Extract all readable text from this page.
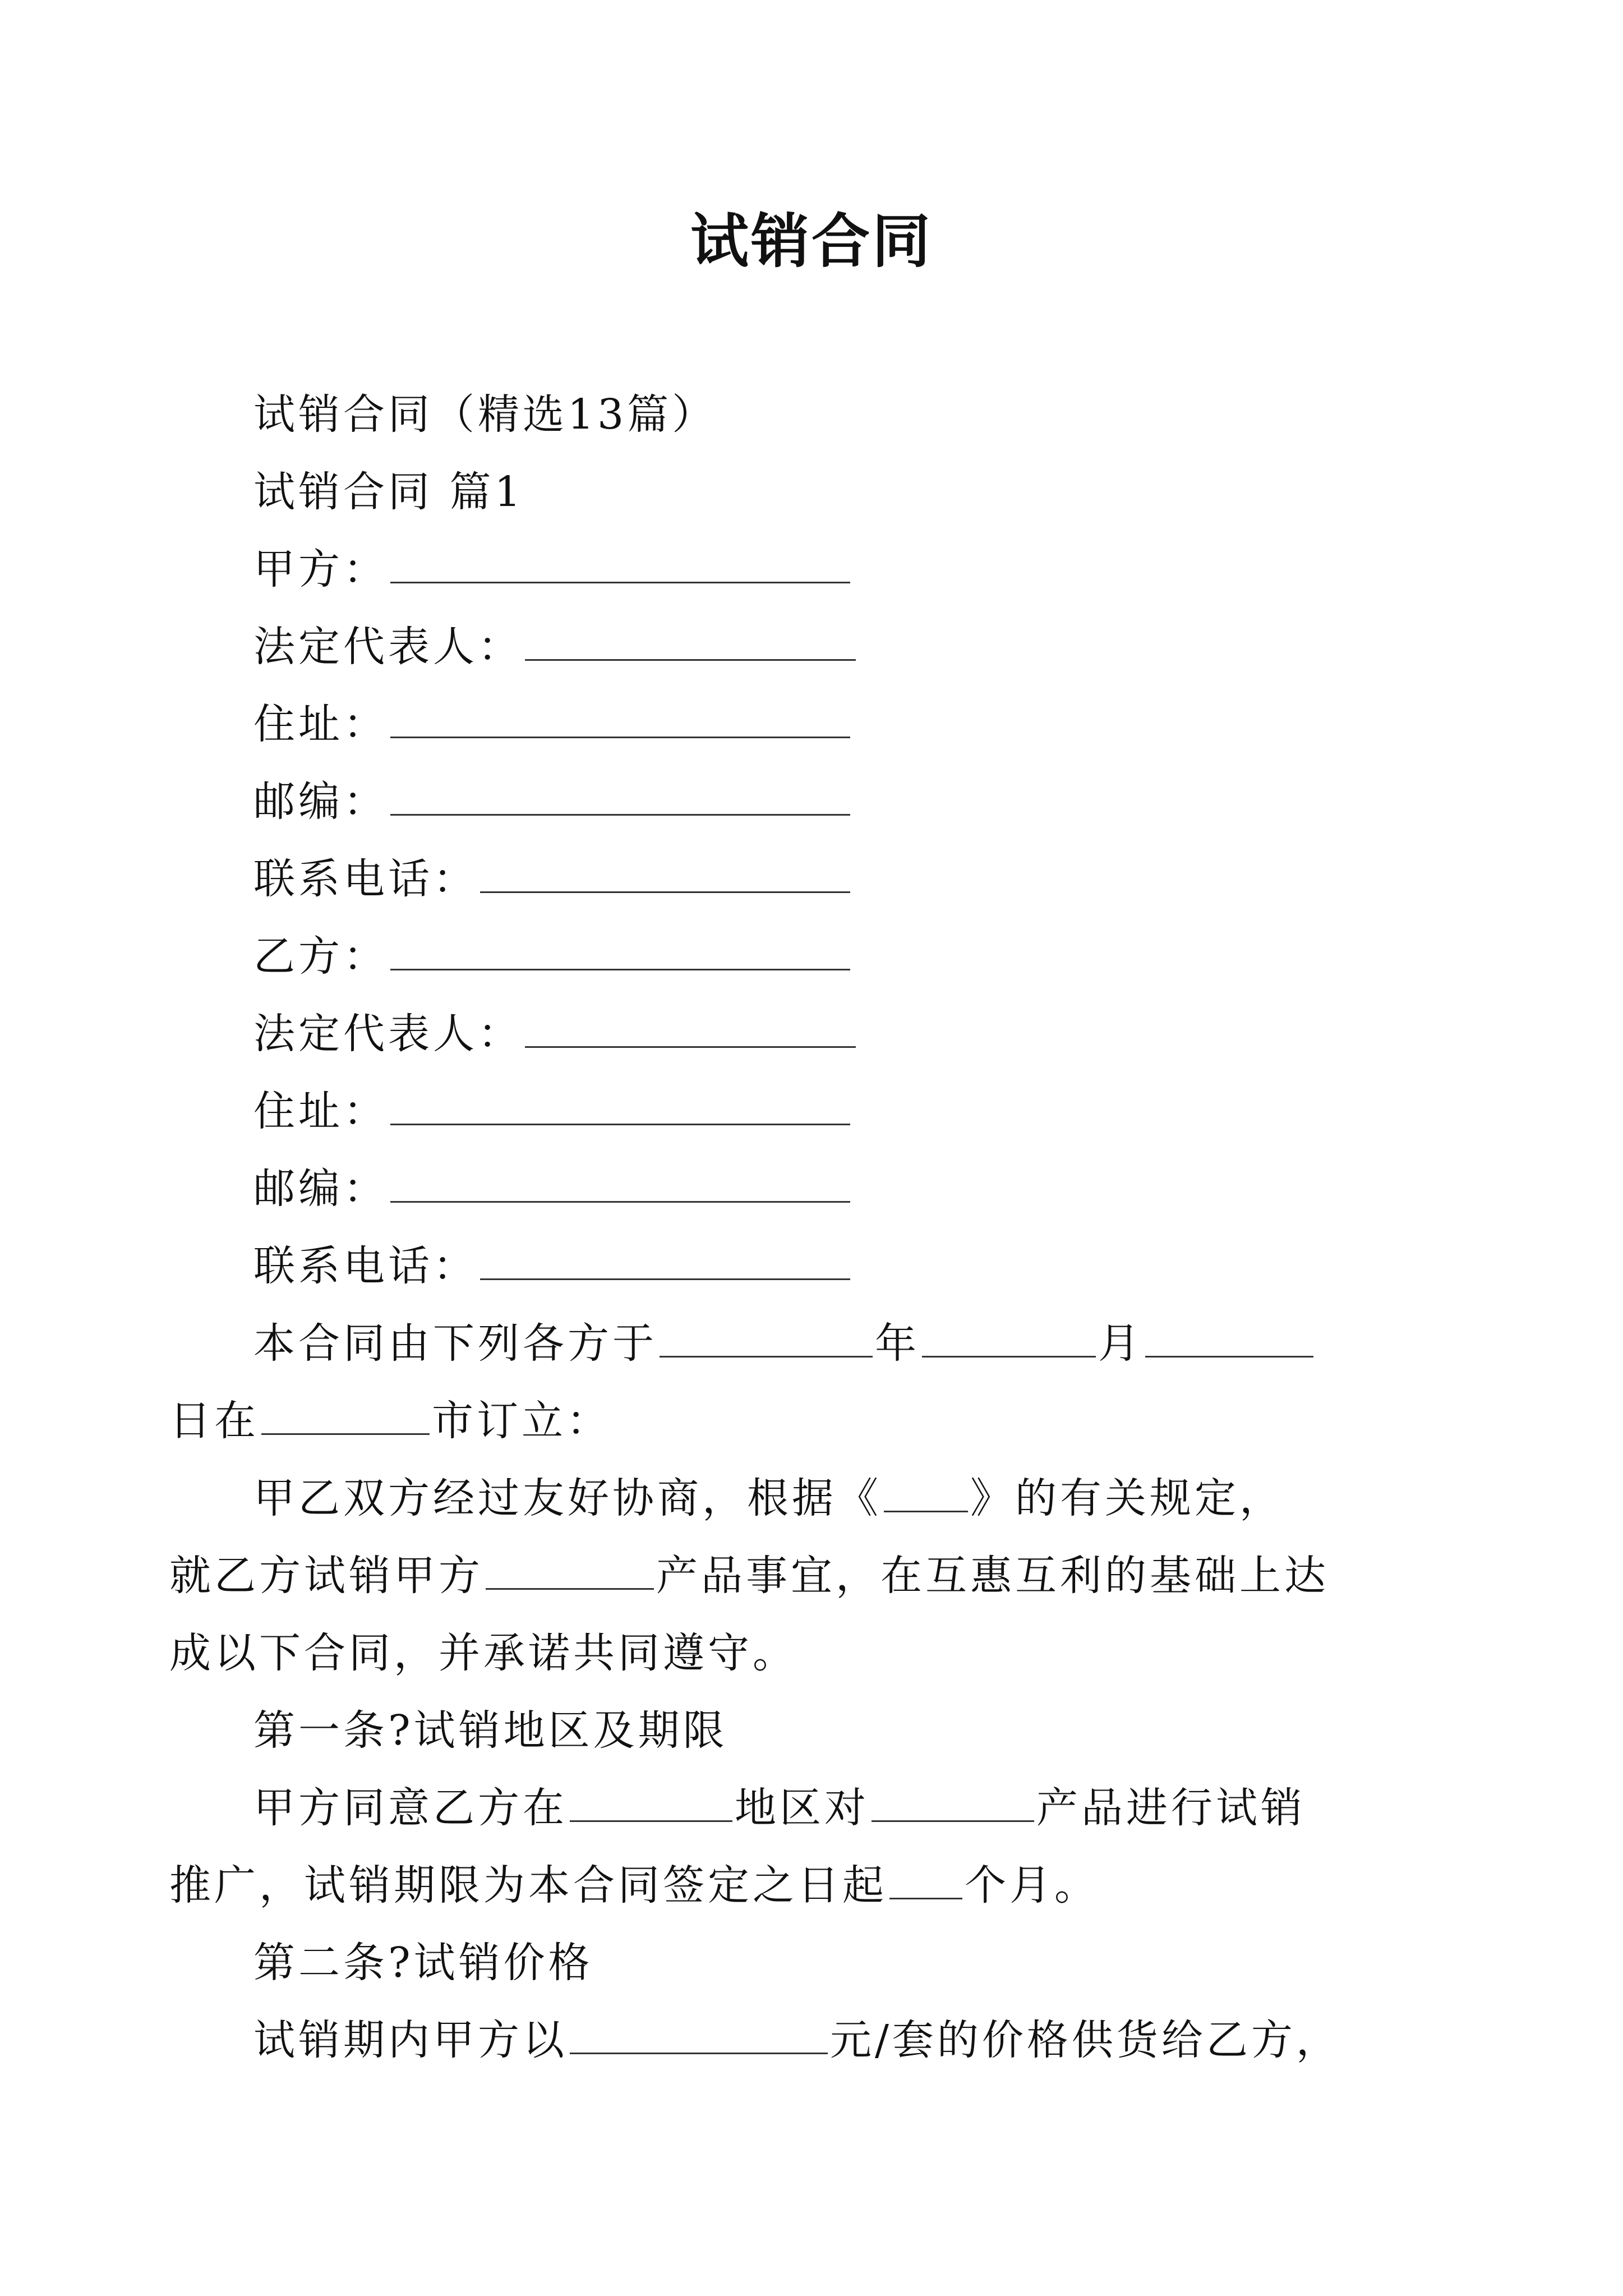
试销合同
试销合同（精选13篇）
试销合同 篇1
甲方：
法定代表人：
住址：
邮编：
联系电话：
乙方：
法定代表人：
住址：
邮编：
联系电话：
本合同由下列各方于	年	月
日在	市订立：
甲乙双方经过友好协商，根据《 》的有关规定，
就乙方试销甲方	产品事宜，在互惠互利的基础上达
成以下合同，并承诺共同遵守。
第一条?试销地区及期限
甲方同意乙方在	地区对	产品进行试销
推广，试销期限为本合同签定之日起 个月。
第二条?试销价格
试销期内甲方以	元/套的价格供货给乙方，
